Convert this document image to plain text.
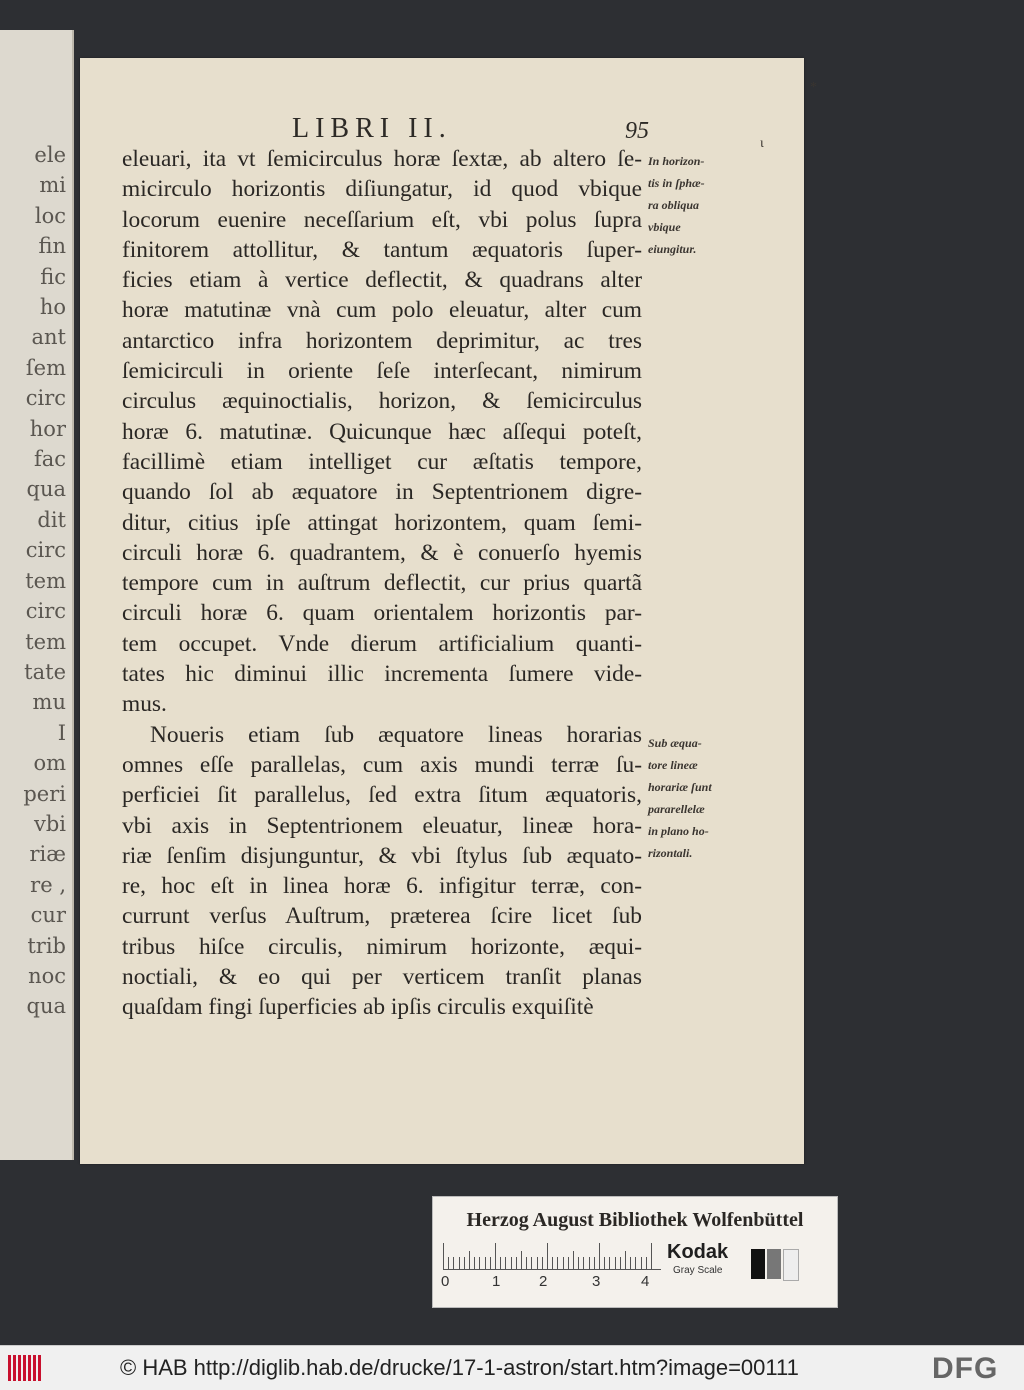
ele
mi
loc
fin
fic
ho
ant
ſem
circ
hor
fac
qua
dit
circ
tem
circ
tem
tate
mu
I
om
peri
vbi
riæ
re ,
cur
trib
noc
qua
LIBRI II.	95
eleuari, ita vt ſemicirculus horæ ſextæ, ab altero ſe-
micirculo horizontis diſiungatur, id quod vbique
locorum euenire neceſſarium eſt, vbi polus ſupra
finitorem attollitur, & tantum æquatoris ſuper-
ficies etiam à vertice deflectit, & quadrans alter
horæ matutinæ vnà cum polo eleuatur, alter cum
antarctico infra horizontem deprimitur, ac tres
ſemicirculi in oriente ſeſe interſecant, nimirum
circulus æquinoctialis, horizon, & ſemicirculus
horæ 6. matutinæ. Quicunque hæc aſſequi poteſt,
facillimè etiam intelliget cur æſtatis tempore,
quando ſol ab æquatore in Septentrionem digre-
ditur, citius ipſe attingat horizontem, quam ſemi-
circuli horæ 6. quadrantem, & è conuerſo hyemis
tempore cum in auſtrum deflectit, cur prius quartã
circuli horæ 6. quam orientalem horizontis par-
tem occupet. Vnde dierum artificialium quanti-
tates hic diminui illic incrementa ſumere vide-
mus.
Noueris etiam ſub æquatore lineas horarias
omnes eſſe parallelas, cum axis mundi terræ ſu-
perficiei ſit parallelus, ſed extra ſitum æquatoris,
vbi axis in Septentrionem eleuatur, lineæ hora-
riæ ſenſim disjunguntur, & vbi ſtylus ſub æquato-
re, hoc eſt in linea horæ 6. infigitur terræ, con-
currunt verſus Auſtrum, præterea ſcire licet ſub
tribus hiſce circulis, nimirum horizonte, æqui-
noctiali, & eo qui per verticem tranſit planas
quaſdam fingi ſuperficies ab ipſis circulis exquiſitè
In horizon-
tis in ſphæ-
ra obliqua
vbique
eiungitur.
Sub æqua-
tore lineæ
horariæ ſunt
pararellelæ
in plano ho-
rizontali.
*
ι
Herzog August Bibliothek Wolfenbüttel
0	1	2	3	4
Kodak
Gray Scale
© HAB http://diglib.hab.de/drucke/17-1-astron/start.htm?image=00111	DFG
